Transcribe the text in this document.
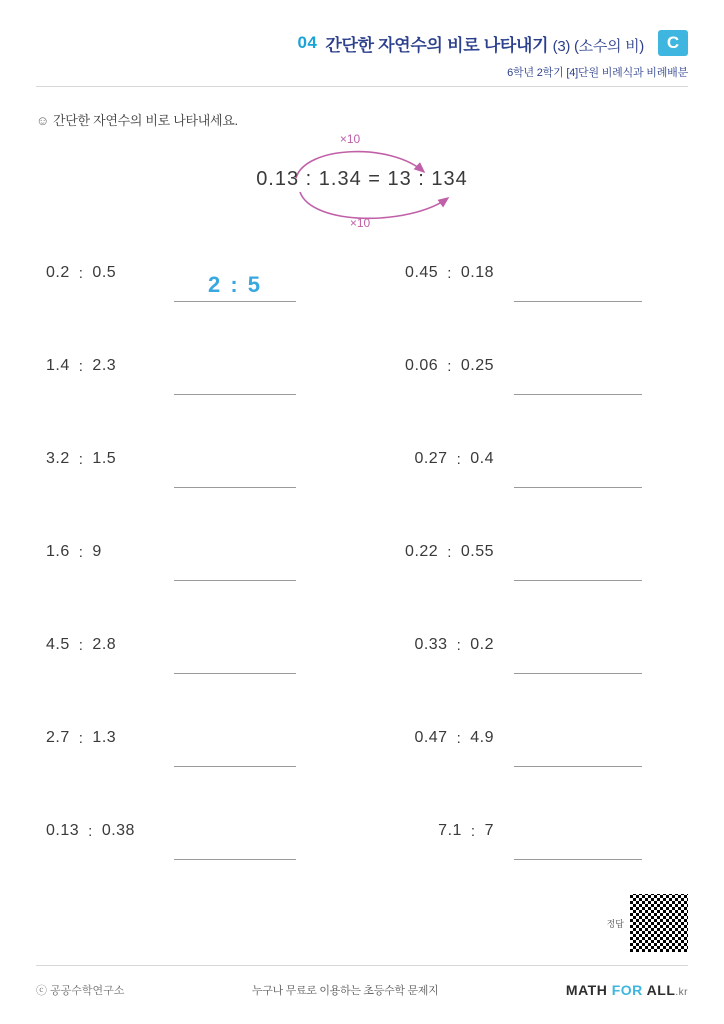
04 간단한 자연수의 비로 나타내기 (3) (소수의 비)	C
6학년 2학기 [4]단원 비례식과 비례배분
☺ 간단한 자연수의 비로 나타내세요.
×10
0.13 : 1.34 = 13 : 134
×10
0.2 : 0.5	2 : 5	0.45 : 0.18
1.4 : 2.3	0.06 : 0.25
3.2 : 1.5	0.27 : 0.4
1.6 : 9	0.22 : 0.55
4.5 : 2.8	0.33 : 0.2
2.7 : 1.3	0.47 : 4.9
0.13 : 0.38	7.1 : 7
정답
ⓒ 공공수학연구소	누구나 무료로 이용하는 초등수학 문제지	MATH FOR ALL.kr
